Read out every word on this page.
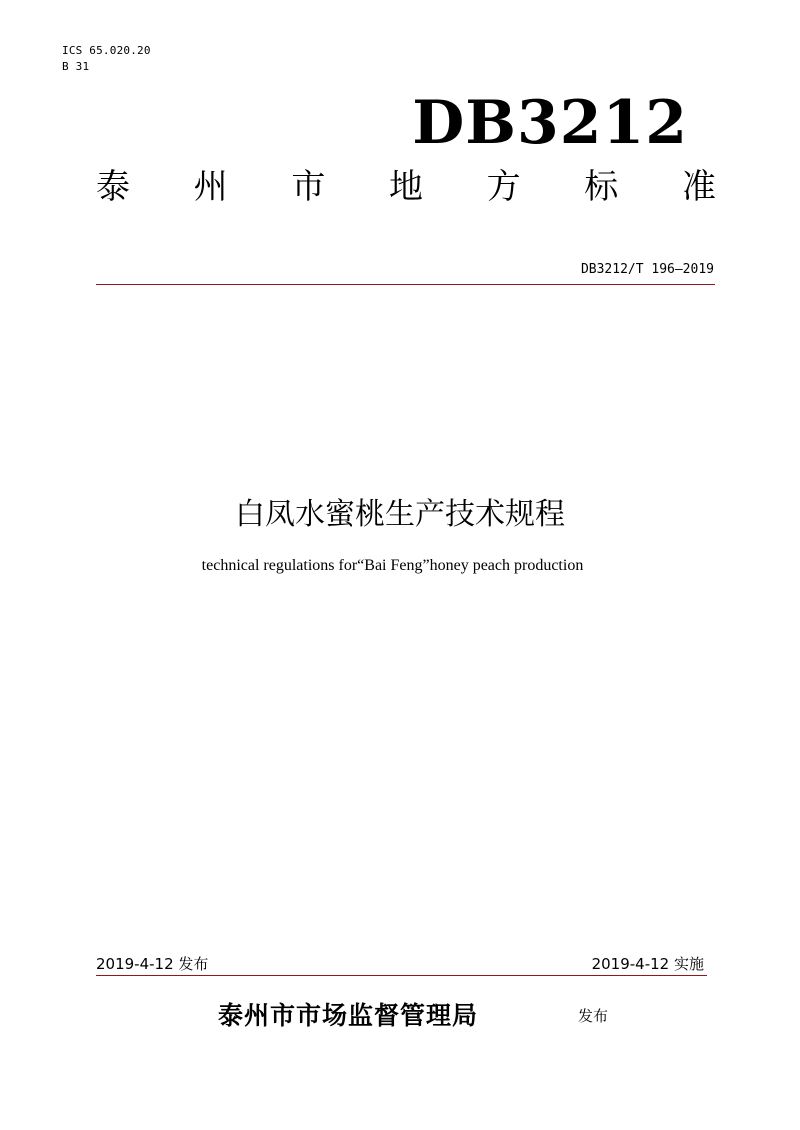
ICS 65.020.20
B 31
DB3212
泰 州 市 地 方 标 准
DB3212/T 196—2019
白凤水蜜桃生产技术规程
technical regulations for“Bai Feng”honey peach production
2019-4-12 发布	2019-4-12 实施
泰州市市场监督管理局	发布
